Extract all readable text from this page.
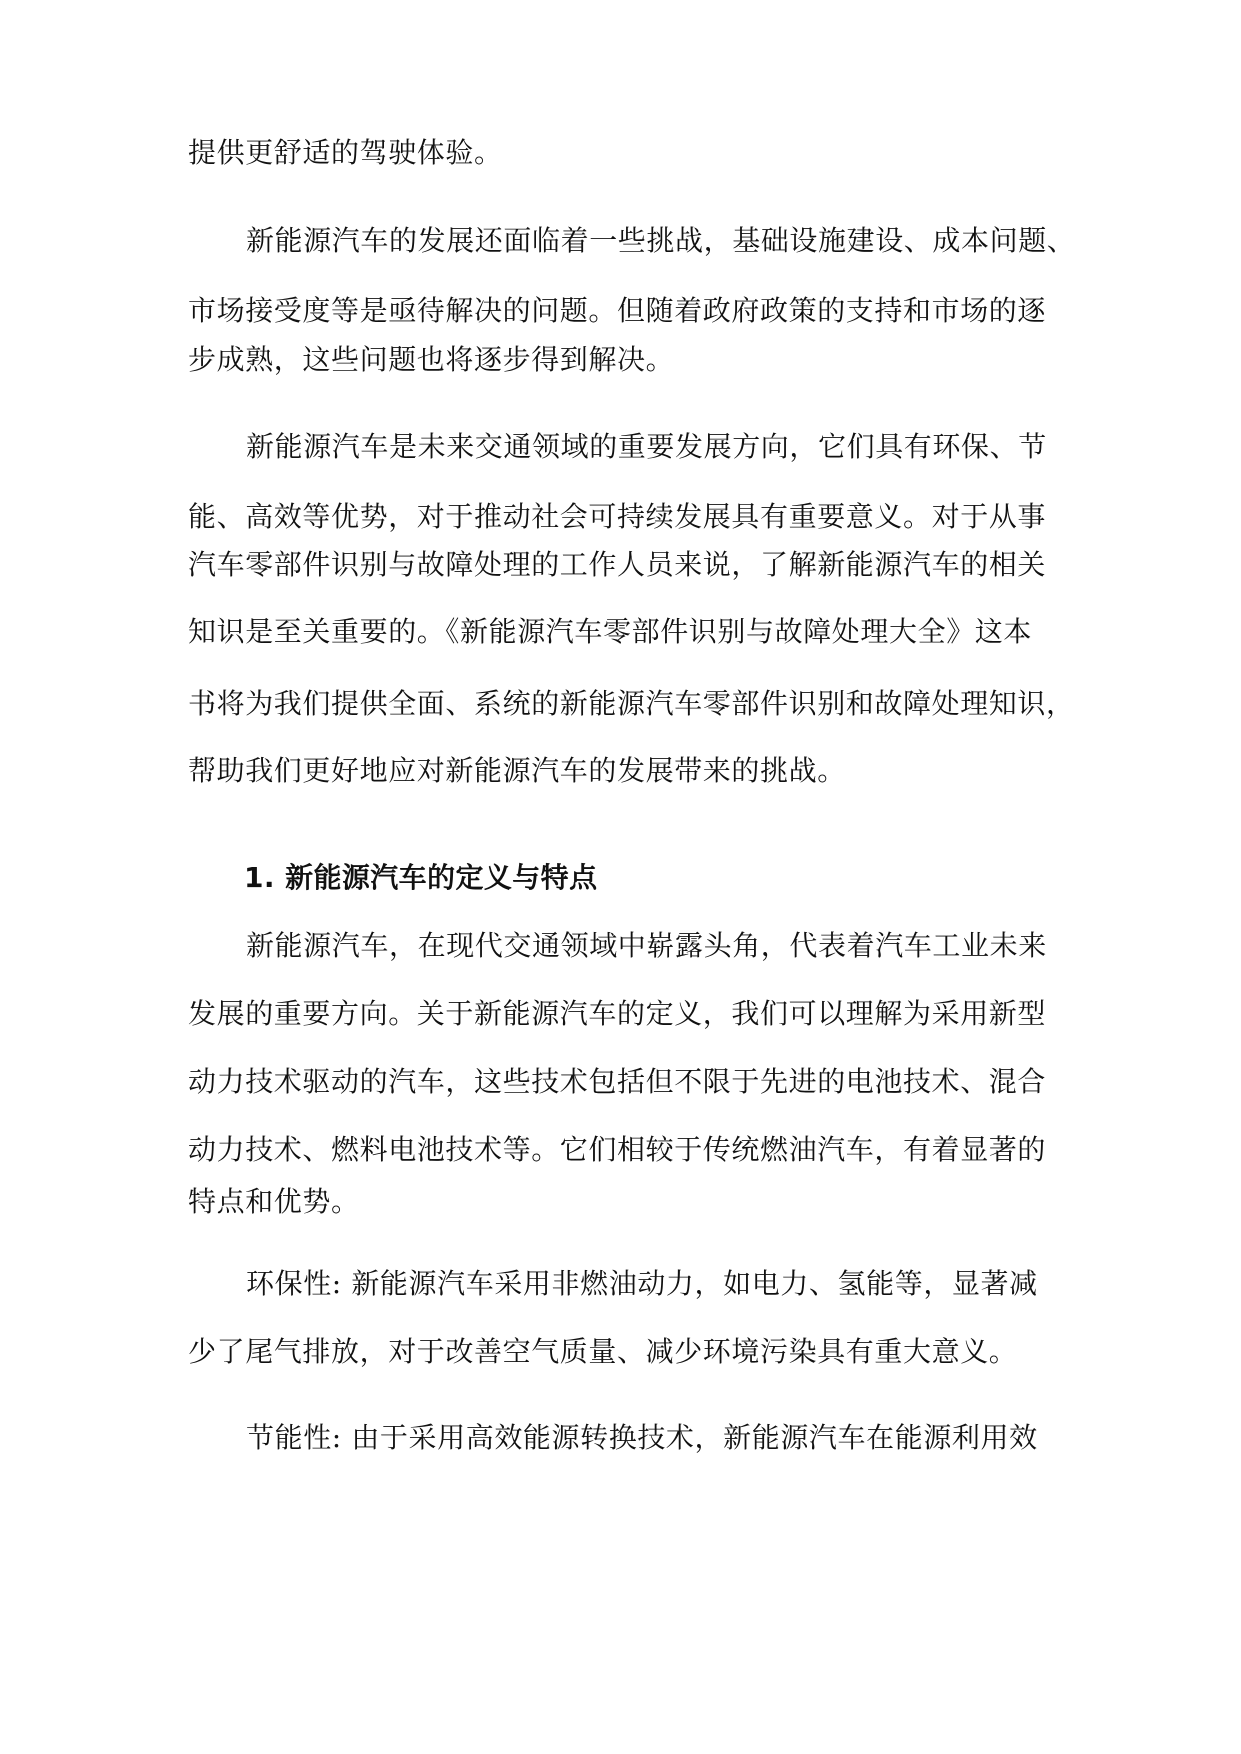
提供更舒适的驾驶体验。
新能源汽车的发展还面临着一些挑战，基础设施建设、成本问题、
市场接受度等是亟待解决的问题。但随着政府政策的支持和市场的逐
步成熟，这些问题也将逐步得到解决。
新能源汽车是未来交通领域的重要发展方向，它们具有环保、节
能、高效等优势，对于推动社会可持续发展具有重要意义。对于从事
汽车零部件识别与故障处理的工作人员来说，了解新能源汽车的相关
知识是至关重要的。《新能源汽车零部件识别与故障处理大全》这本
书将为我们提供全面、系统的新能源汽车零部件识别和故障处理知识，
帮助我们更好地应对新能源汽车的发展带来的挑战。
1. 新能源汽车的定义与特点
新能源汽车，在现代交通领域中崭露头角，代表着汽车工业未来
发展的重要方向。关于新能源汽车的定义，我们可以理解为采用新型
动力技术驱动的汽车，这些技术包括但不限于先进的电池技术、混合
动力技术、燃料电池技术等。它们相较于传统燃油汽车，有着显著的
特点和优势。
环保性: 新能源汽车采用非燃油动力，如电力、氢能等，显著减
少了尾气排放，对于改善空气质量、减少环境污染具有重大意义。
节能性: 由于采用高效能源转换技术，新能源汽车在能源利用效
